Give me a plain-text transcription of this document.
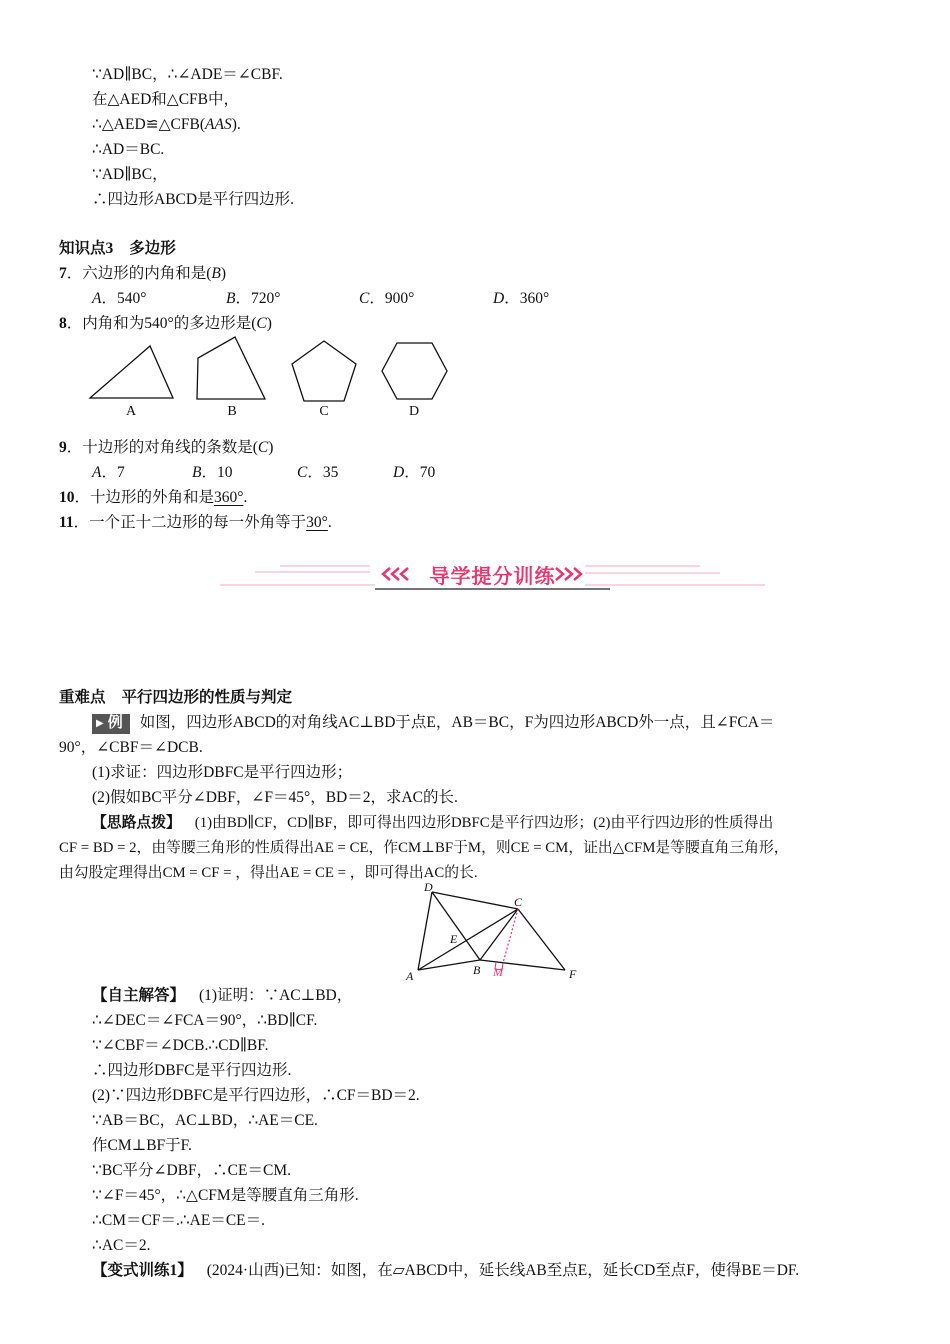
∵AD∥BC，∴∠ADE＝∠CBF.
在△AED和△CFB中，
∴△AED≌△CFB(AAS).
∴AD＝BC.
∵AD∥BC，
∴四边形ABCD是平行四边形.
知识点3 多边形
7．六边形的内角和是(B)
A．540°	B．720°	C．900°	D．360°
8．内角和为540°的多边形是(C)
A	B	C	D
9．十边形的对角线的条数是(C)
A．7	B．10	C．35	D．70
10．十边形的外角和是360°.
11．一个正十二边形的每一外角等于30°.
导学提分训练
重难点 平行四边形的性质与判定
▶ 例 如图，四边形ABCD的对角线AC⊥BD于点E，AB＝BC，F为四边形ABCD外一点，且∠FCA＝
90°，∠CBF＝∠DCB.
(1)求证：四边形DBFC是平行四边形；
(2)假如BC平分∠DBF，∠F＝45°，BD＝2，求AC的长.
【思路点拨】 (1)由BD∥CF，CD∥BF，即可得出四边形DBFC是平行四边形；(2)由平行四边形的性质得出
CF = BD = 2，由等腰三角形的性质得出AE = CE，作CM⊥BF于M，则CE = CM，证出△CFM是等腰直角三角形，
由勾股定理得出CM = CF = ，得出AE = CE = ，即可得出AC的长.
D
C
E
A	B M	F
【自主解答】 (1)证明：∵AC⊥BD，
∴∠DEC＝∠FCA＝90°，∴BD∥CF.
∵∠CBF＝∠DCB.∴CD∥BF.
∴四边形DBFC是平行四边形.
(2)∵四边形DBFC是平行四边形，∴CF＝BD＝2.
∵AB＝BC，AC⊥BD，∴AE＝CE.
作CM⊥BF于F.
∵BC平分∠DBF，∴CE＝CM.
∵∠F＝45°，∴△CFM是等腰直角三角形.
∴CM＝CF＝.∴AE＝CE＝.
∴AC＝2.
【变式训练1】 (2024·山西)已知：如图，在▱ABCD中，延长线AB至点E，延长CD至点F，使得BE＝DF.
